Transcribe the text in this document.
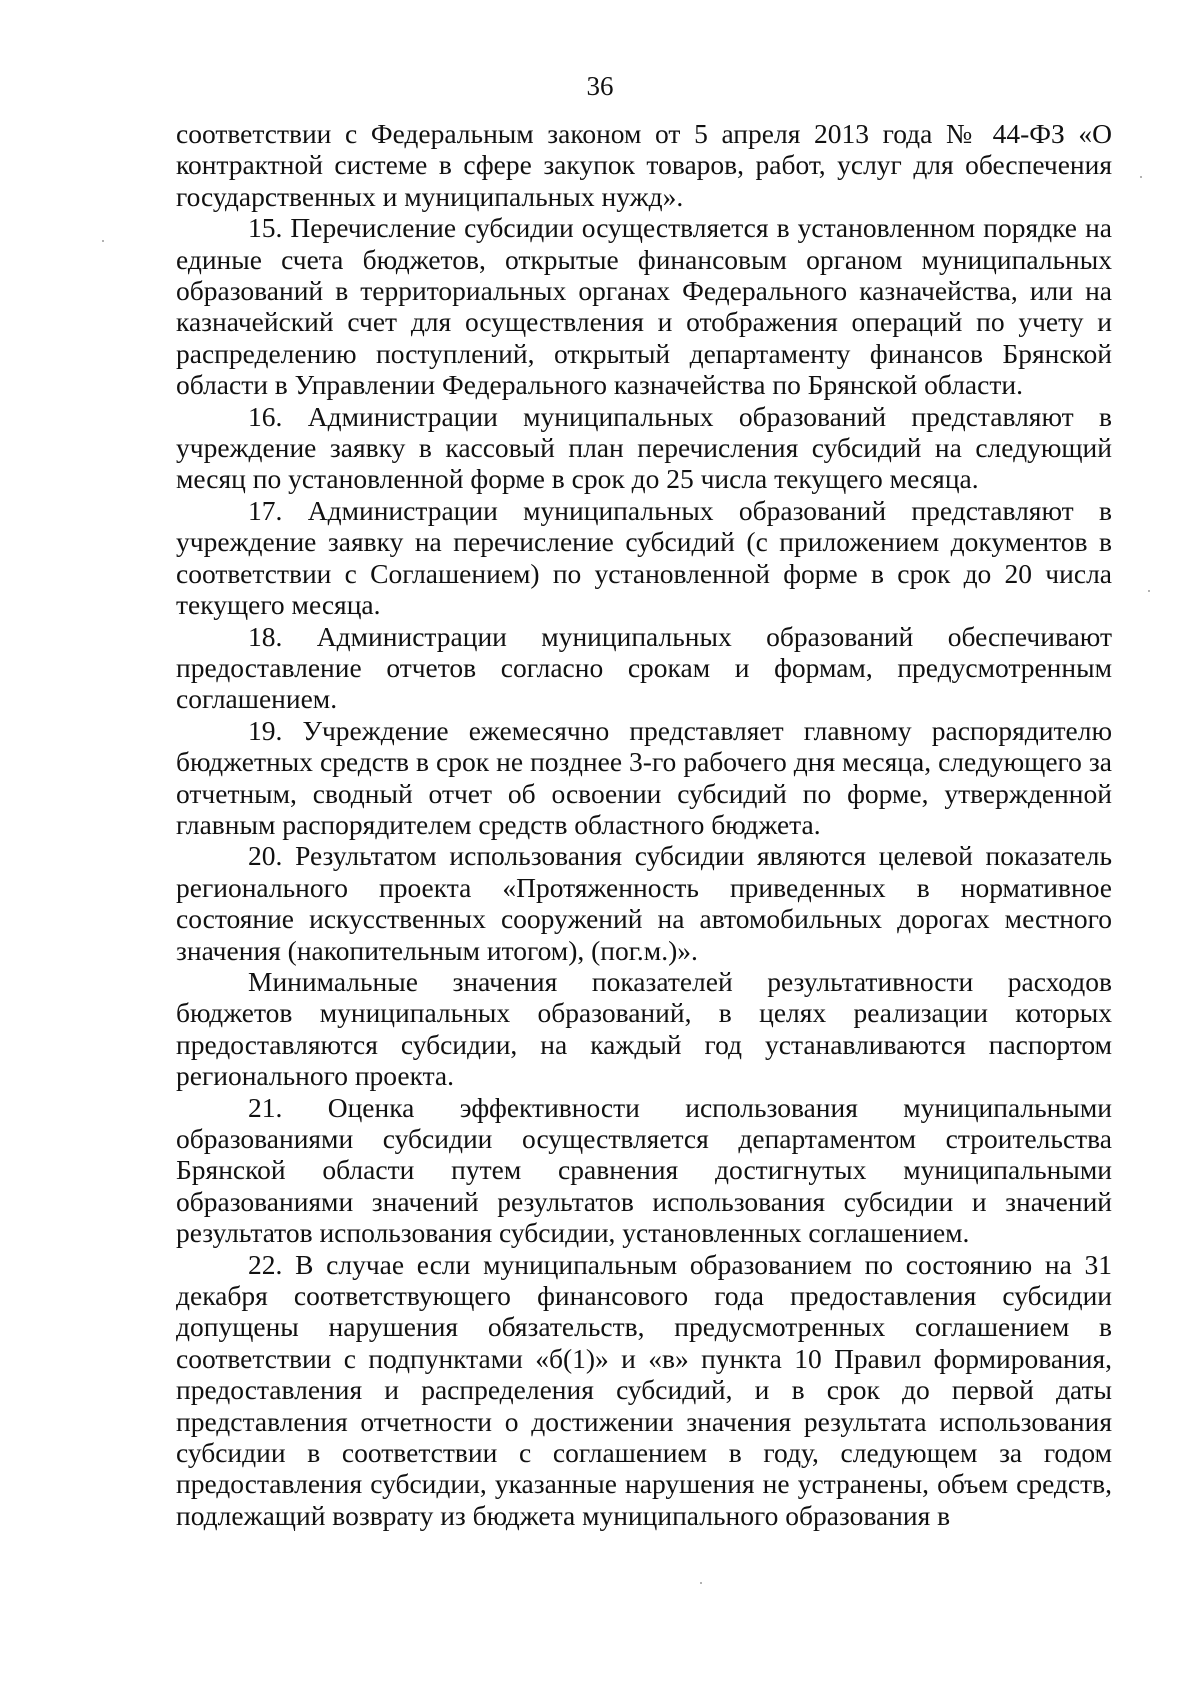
36

соответствии с Федеральным законом от 5 апреля 2013 года № 44-ФЗ «О контрактной системе в сфере закупок товаров, работ, услуг для обеспечения государственных и муниципальных нужд».

15. Перечисление субсидии осуществляется в установленном порядке на единые счета бюджетов, открытые финансовым органом муниципальных образований в территориальных органах Федерального казначейства, или на казначейский счет для осуществления и отображения операций по учету и распределению поступлений, открытый департаменту финансов Брянской области в Управлении Федерального казначейства по Брянской области.

16. Администрации муниципальных образований представляют в учреждение заявку в кассовый план перечисления субсидий на следующий месяц по установленной форме в срок до 25 числа текущего месяца.

17. Администрации муниципальных образований представляют в учреждение заявку на перечисление субсидий (с приложением документов в соответствии с Соглашением) по установленной форме в срок до 20 числа текущего месяца.

18. Администрации муниципальных образований обеспечивают предоставление отчетов согласно срокам и формам, предусмотренным соглашением.

19. Учреждение ежемесячно представляет главному распорядителю бюджетных средств в срок не позднее 3-го рабочего дня месяца, следующего за отчетным, сводный отчет об освоении субсидий по форме, утвержденной главным распорядителем средств областного бюджета.

20. Результатом использования субсидии являются целевой показатель регионального проекта «Протяженность приведенных в нормативное состояние искусственных сооружений на автомобильных дорогах местного значения (накопительным итогом), (пог.м.)».

Минимальные значения показателей результативности расходов бюджетов муниципальных образований, в целях реализации которых предоставляются субсидии, на каждый год устанавливаются паспортом регионального проекта.

21. Оценка эффективности использования муниципальными образованиями субсидии осуществляется департаментом строительства Брянской области путем сравнения достигнутых муниципальными образованиями значений результатов использования субсидии и значений результатов использования субсидии, установленных соглашением.

22. В случае если муниципальным образованием по состоянию на 31 декабря соответствующего финансового года предоставления субсидии допущены нарушения обязательств, предусмотренных соглашением в соответствии с подпунктами «б(1)» и «в» пункта 10 Правил формирования, предоставления и распределения субсидий, и в срок до первой даты представления отчетности о достижении значения результата использования субсидии в соответствии с соглашением в году, следующем за годом предоставления субсидии, указанные нарушения не устранены, объем средств, подлежащий возврату из бюджета муниципального образования в
